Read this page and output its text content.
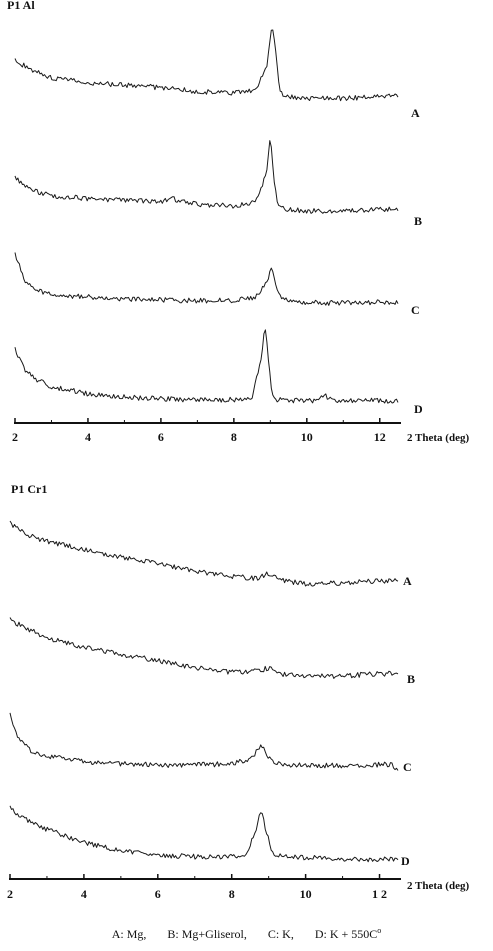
P1 Al
A
B
C
D
2	4	6	8	10	12 2 Theta (deg)
P1 Cr1
A
B
C
D
2	4	6	8	10	1 2
2 Theta (deg)
A: Mg,       B: Mg+Gliserol,       C: K,       D: $K + 550C^o$
